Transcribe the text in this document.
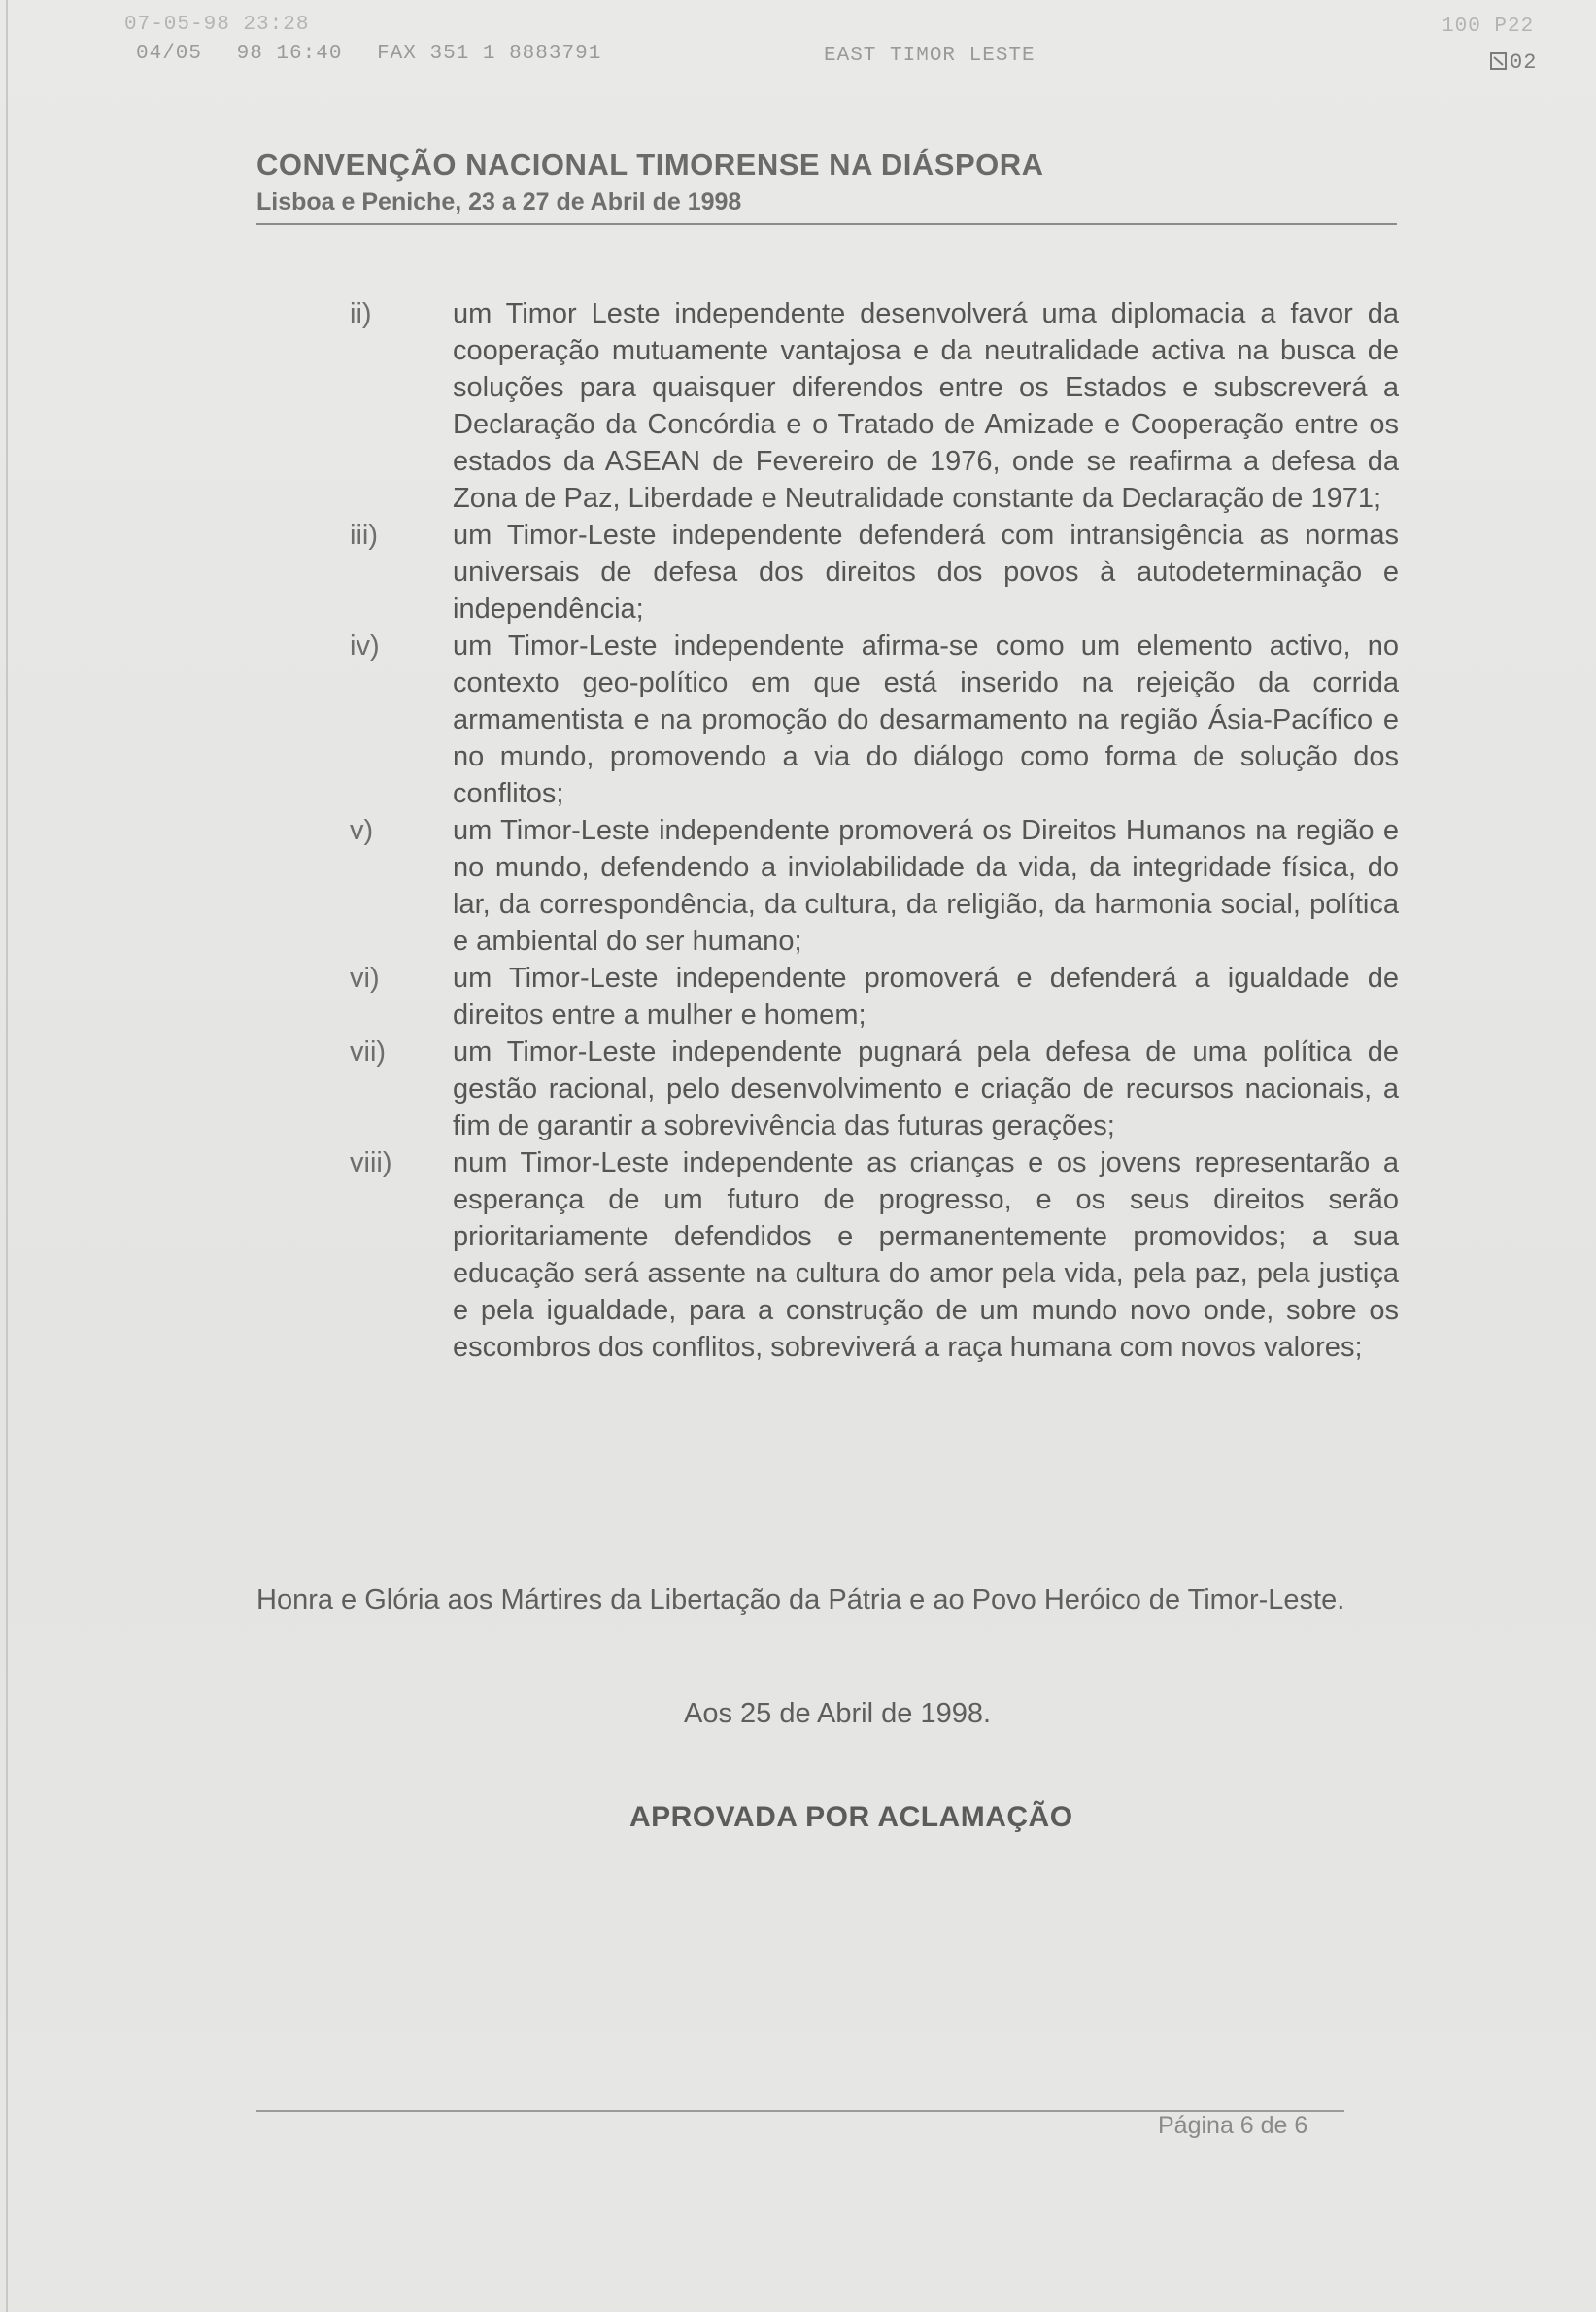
07-05-98 23:28
04/05 98 16:40 FAX 351 1 8883791	EAST TIMOR LESTE
100 P22
02
CONVENÇÃO NACIONAL TIMORENSE NA DIÁSPORA
Lisboa e Peniche, 23 a 27 de Abril de 1998
ii)	um Timor Leste independente desenvolverá uma diplomacia a favor da cooperação mutuamente vantajosa e da neutralidade activa na busca de soluções para quaisquer diferendos entre os Estados e subscreverá a Declaração da Concórdia e o Tratado de Amizade e Cooperação entre os estados da ASEAN de Fevereiro de 1976, onde se reafirma a defesa da Zona de Paz, Liberdade e Neutralidade constante da Declaração de 1971;
iii)	um Timor-Leste independente defenderá com intransigência as normas universais de defesa dos direitos dos povos à autodeterminação e independência;
iv)	um Timor-Leste independente afirma-se como um elemento activo, no contexto geo-político em que está inserido na rejeição da corrida armamentista e na promoção do desarmamento na região Ásia-Pacífico e no mundo, promovendo a via do diálogo como forma de solução dos conflitos;
v)	um Timor-Leste independente promoverá os Direitos Humanos na região e no mundo, defendendo a inviolabilidade da vida, da integridade física, do lar, da correspondência, da cultura, da religião, da harmonia social, política e ambiental do ser humano;
vi)	um Timor-Leste independente promoverá e defenderá a igualdade de direitos entre a mulher e homem;
vii) um Timor-Leste independente pugnará pela defesa de uma política de gestão racional, pelo desenvolvimento e criação de recursos nacionais, a fim de garantir a sobrevivência das futuras gerações;
viii) num Timor-Leste independente as crianças e os jovens representarão a esperança de um futuro de progresso, e os seus direitos serão prioritariamente defendidos e permanentemente promovidos; a sua educação será assente na cultura do amor pela vida, pela paz, pela justiça e pela igualdade, para a construção de um mundo novo onde, sobre os escombros dos conflitos, sobreviverá a raça humana com novos valores;
Honra e Glória aos Mártires da Libertação da Pátria e ao Povo Heróico de Timor-Leste.
Aos 25 de Abril de 1998.
APROVADA POR ACLAMAÇÃO
Página 6 de 6
